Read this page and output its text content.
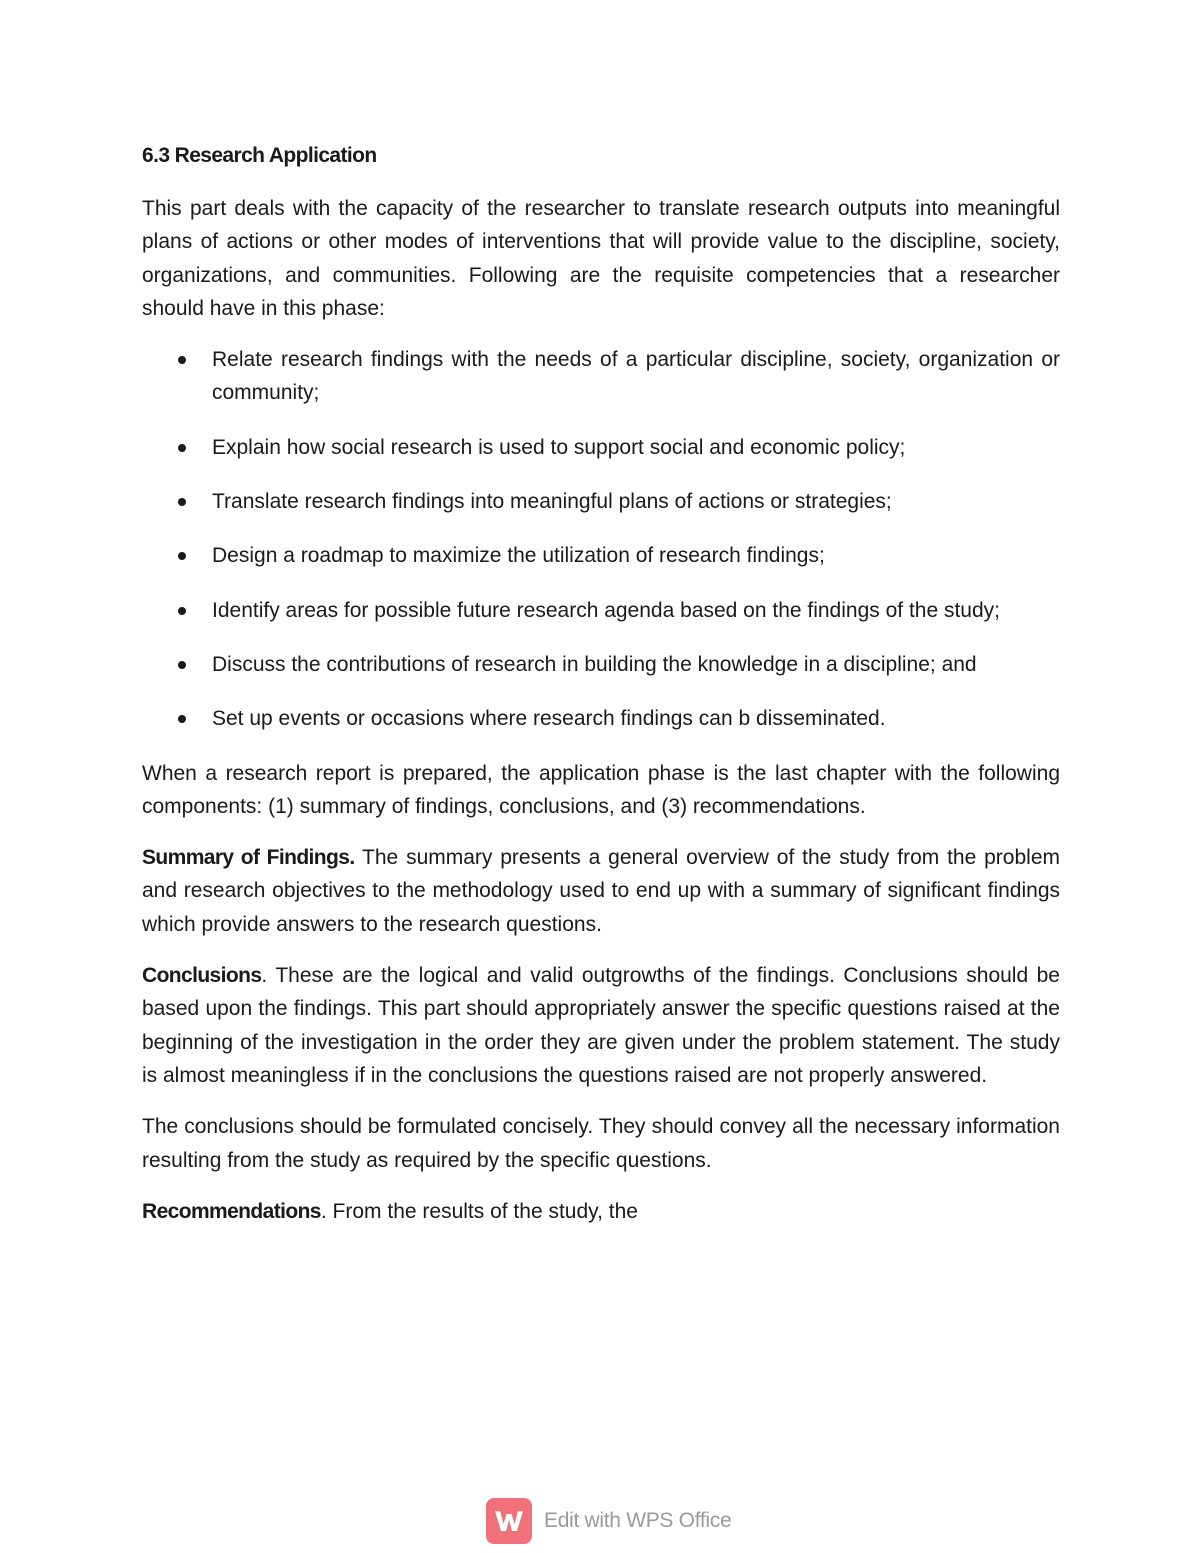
6.3 Research Application

This part deals with the capacity of the researcher to translate research outputs into meaningful plans of actions or other modes of interventions that will provide value to the discipline, society, organizations, and communities. Following are the requisite competencies that a researcher should have in this phase:

Relate research findings with the needs of a particular discipline, society, organization or community;
Explain how social research is used to support social and economic policy;
Translate research findings into meaningful plans of actions or strategies;
Design a roadmap to maximize the utilization of research findings;
Identify areas for possible future research agenda based on the findings of the study;
Discuss the contributions of research in building the knowledge in a discipline; and
Set up events or occasions where research findings can b disseminated.

When a research report is prepared, the application phase is the last chapter with the following components: (1) summary of findings, conclusions, and (3) recommendations.

Summary of Findings. The summary presents a general overview of the study from the problem and research objectives to the methodology used to end up with a summary of significant findings which provide answers to the research questions.

Conclusions. These are the logical and valid outgrowths of the findings. Conclusions should be based upon the findings. This part should appropriately answer the specific questions raised at the beginning of the investigation in the order they are given under the problem statement. The study is almost meaningless if in the conclusions the questions raised are not properly answered.

The conclusions should be formulated concisely. They should convey all the necessary information resulting from the study as required by the specific questions.

Recommendations. From the results of the study, the

Edit with WPS Office
